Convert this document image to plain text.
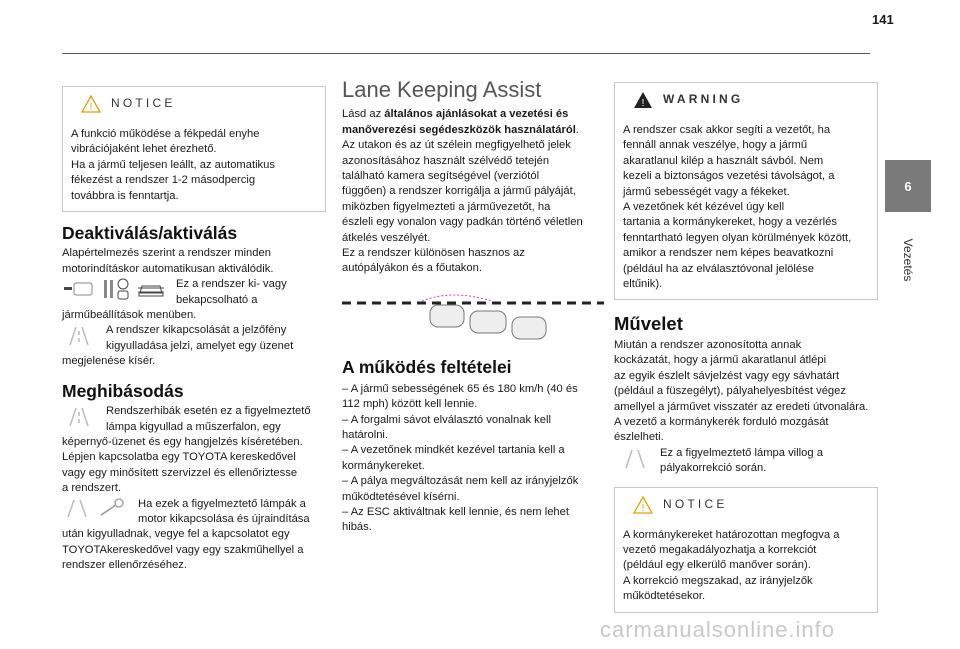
141
6
Vezetés
! NOTICE

A funkció működése a fékpedál enyhe

vibrációjaként lehet érezhető.

Ha a jármű teljesen leállt, az automatikus

fékezést a rendszer 1-2 másodpercig

továbbra is fenntartja.

Deaktiválás/aktiválás

Alapértelmezés szerint a rendszer minden

motorindításkor automatikusan aktiválódik.

Ez a rendszer ki- vagy

bekapcsolható a

járműbeállítások menüben.

A rendszer kikapcsolását a jelzőfény

kigyulladása jelzi, amelyet egy üzenet

megjelenése kísér.

Meghibásodás

Rendszerhibák esetén ez a figyelmeztető

lámpa kigyullad a műszerfalon, egy

képernyő-üzenet és egy hangjelzés kíséretében.

Lépjen kapcsolatba egy TOYOTA kereskedővel

vagy egy minősített szervizzel és ellenőriztesse

a rendszert.

Ha ezek a figyelmeztető lámpák a

motor kikapcsolása és újraindítása

után kigyulladnak, vegye fel a kapcsolatot egy

TOYOTAkereskedővel vagy egy szakműhellyel a

rendszer ellenőrzéséhez.

Lane Keeping Assist

Lásd az általános ajánlásokat a vezetési és manőverezési segédeszközök használatáról.

Az utakon és az út szélein megfigyelhető jelek

azonosításához használt szélvédő tetején

található kamera segítségével (verziótól

függően) a rendszer korrigálja a jármű pályáját,

miközben figyelmezteti a járművezetőt, ha

észleli egy vonalon vagy padkán történő véletlen

átkelés veszélyét.

Ez a rendszer különösen hasznos az

autópályákon és a főutakon.

A működés feltételei

– A jármű sebességének 65 és 180 km/h (40 és

112 mph) között kell lennie.

– A forgalmi sávot elválasztó vonalnak kell

határolni.

– A vezetőnek mindkét kezével tartania kell a

kormánykereket.

– A pálya megváltozását nem kell az irányjelzők

működtetésével kísérni.

– Az ESC aktiváltnak kell lennie, és nem lehet

hibás.

! WARNING

A rendszer csak akkor segíti a vezetőt, ha

fennáll annak veszélye, hogy a jármű

akaratlanul kilép a használt sávból. Nem

kezeli a biztonságos vezetési távolságot, a

jármű sebességét vagy a fékeket.

A vezetőnek két kézével úgy kell

tartania a kormánykereket, hogy a vezérlés

fenntartható legyen olyan körülmények között,

amikor a rendszer nem képes beavatkozni

(például ha az elválasztóvonal jelölése

eltűnik).

Művelet

Miután a rendszer azonosította annak

kockázatát, hogy a jármű akaratlanul átlépi

az egyik észlelt sávjelzést vagy egy sávhatárt

(például a füszegélyt), pályahelyesbítést végez

amellyel a járművet visszatér az eredeti útvonalára.

A vezető a kormánykerék forduló mozgását

észlelheti.

Ez a figyelmeztető lámpa villog a

pályakorrekció során.

! NOTICE

A kormánykereket határozottan megfogva a

vezető megakadályozhatja a korrekciót

(például egy elkerülő manőver során).

A korrekció megszakad, az irányjelzők

működtetésekor.

carmanualsonline.info
